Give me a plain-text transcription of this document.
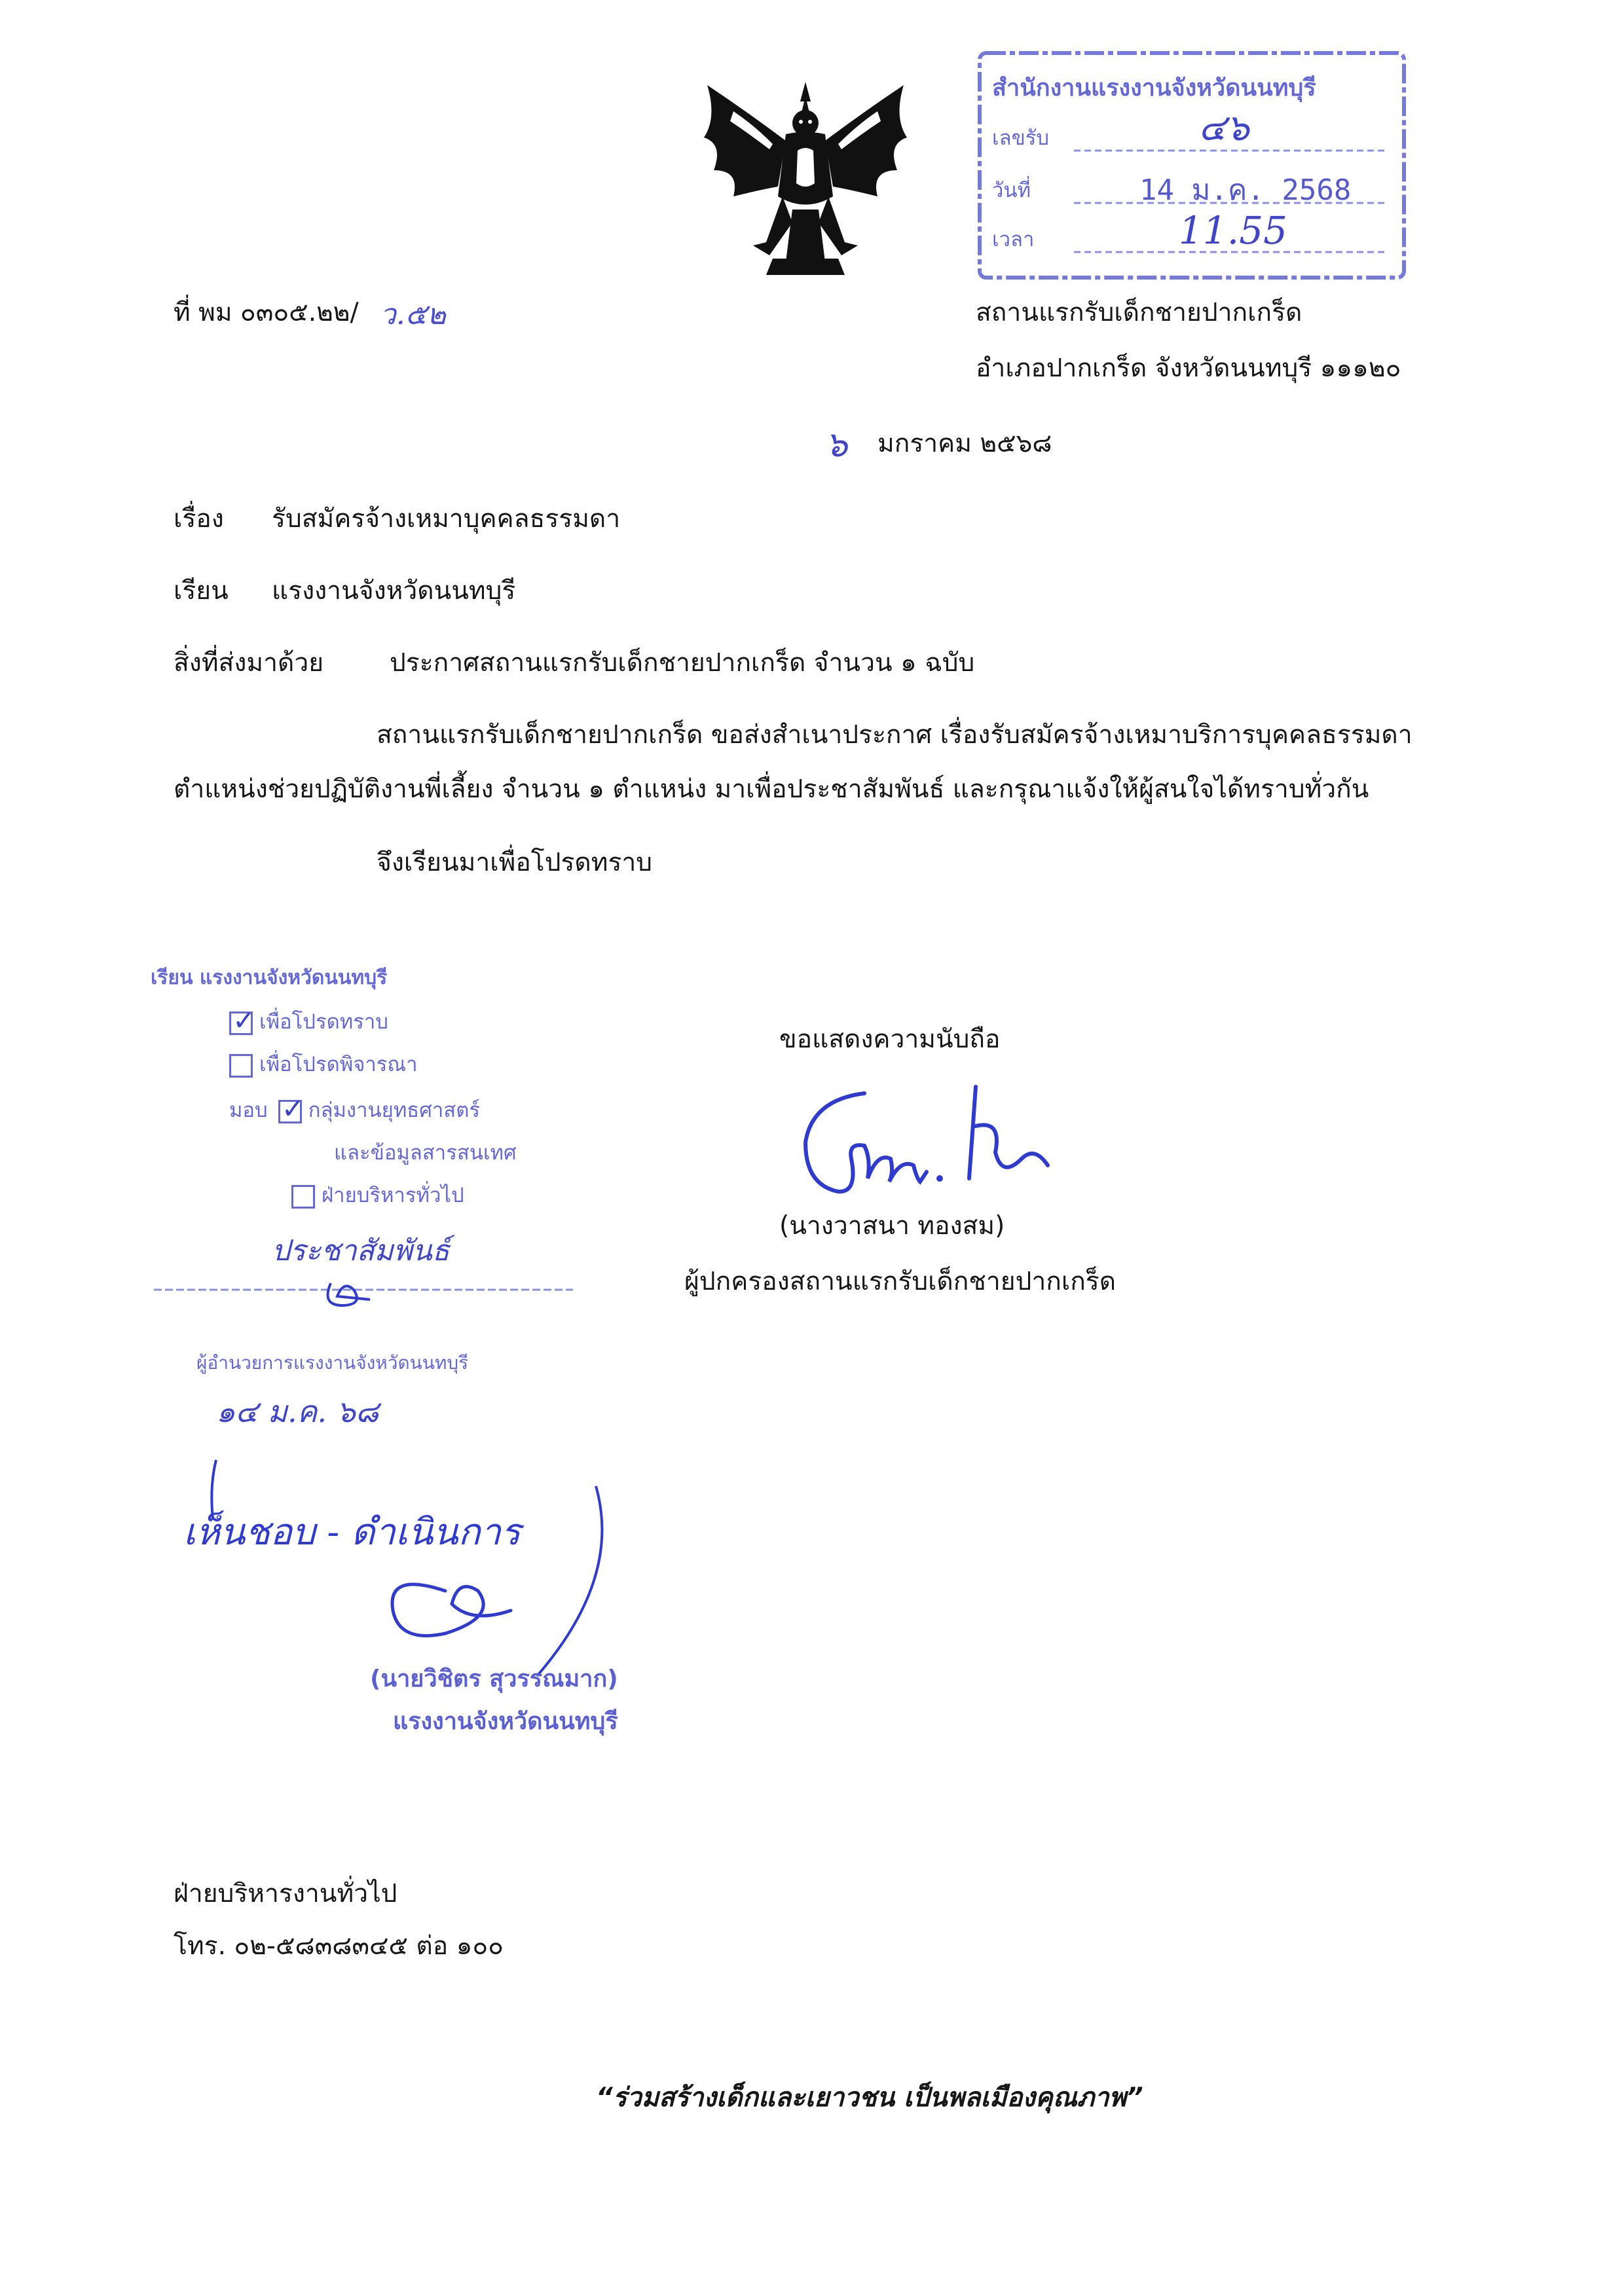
สำนักงานแรงงานจังหวัดนนทบุรี

เลขรับ	๔๖

วันที่	14 ม.ค. 2568

เวลา	11.55

ที่ พม ๐๓๐๕.๒๒/ ว.๕๒	สถานแรกรับเด็กชายปากเกร็ด

อำเภอปากเกร็ด จังหวัดนนทบุรี ๑๑๑๒๐

๖ มกราคม ๒๕๖๘

เรื่อง รับสมัครจ้างเหมาบุคคลธรรมดา

เรียน แรงงานจังหวัดนนทบุรี

สิ่งที่ส่งมาด้วย	ประกาศสถานแรกรับเด็กชายปากเกร็ด จำนวน ๑ ฉบับ

สถานแรกรับเด็กชายปากเกร็ด ขอส่งสำเนาประกาศ เรื่องรับสมัครจ้างเหมาบริการบุคคลธรรมดา

ตำแหน่งช่วยปฏิบัติงานพี่เลี้ยง จำนวน ๑ ตำแหน่ง มาเพื่อประชาสัมพันธ์ และกรุณาแจ้งให้ผู้สนใจได้ทราบทั่วกัน

จึงเรียนมาเพื่อโปรดทราบ

เรียน แรงงานจังหวัดนนทบุรี

✓ เพื่อโปรดทราบ

เพื่อโปรดพิจารณา

มอบ ✓ กลุ่มงานยุทธศาสตร์

และข้อมูลสารสนเทศ

ฝ่ายบริหารทั่วไป

ประชาสัมพันธ์

ผู้อำนวยการแรงงานจังหวัดนนทบุรี

๑๔ ม.ค. ๖๘

ขอแสดงความนับถือ

(นางวาสนา ทองสม)

ผู้ปกครองสถานแรกรับเด็กชายปากเกร็ด

เห็นชอบ - ดำเนินการ

(นายวิชิตร สุวรรณมาก)

แรงงานจังหวัดนนทบุรี

ฝ่ายบริหารงานทั่วไป

โทร. ๐๒-๕๘๓๘๓๔๕ ต่อ ๑๐๐

“ร่วมสร้างเด็กและเยาวชน เป็นพลเมืองคุณภาพ”
